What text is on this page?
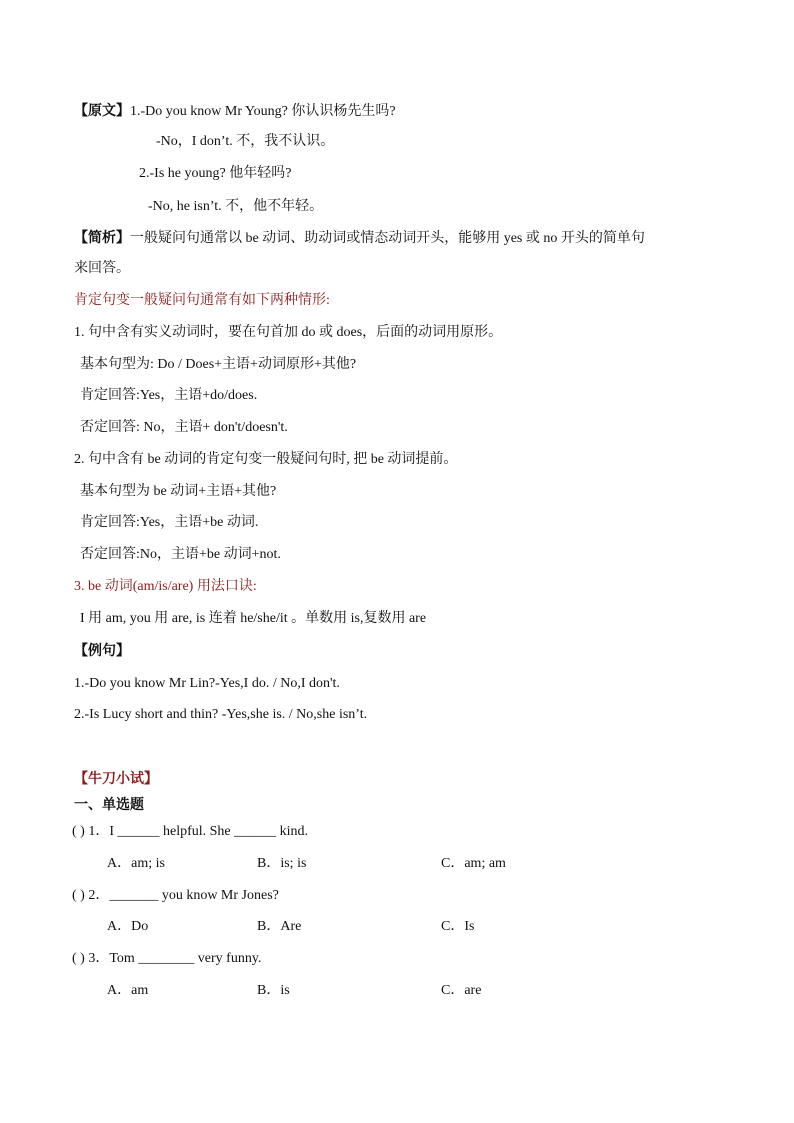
【原文】1.-Do you know Mr Young? 你认识杨先生吗?
-No，I don’t. 不，我不认识。
2.-Is he young? 他年轻吗?
-No, he isn’t. 不，他不年轻。
【简析】一般疑问句通常以 be 动词、助动词或情态动词开头，能够用 yes 或 no 开头的简单句
来回答。
肯定句变一般疑问句通常有如下两种情形:
1. 句中含有实义动词时，要在句首加 do 或 does，后面的动词用原形。
基本句型为: Do / Does+主语+动词原形+其他?
肯定回答:Yes，主语+do/does.
否定回答: No，主语+ don't/doesn't.
2. 句中含有 be 动词的肯定句变一般疑问句时, 把 be 动词提前。
基本句型为 be 动词+主语+其他?
肯定回答:Yes，主语+be 动词.
否定回答:No，主语+be 动词+not.
3. be 动词(am/is/are) 用法口诀:
I 用 am, you 用 are, is 连着 he/she/it 。单数用 is,复数用 are
【例句】
1.-Do you know Mr Lin?-Yes,I do. / No,I don't.
2.-Is Lucy short and thin? -Yes,she is. / No,she isn’t.
【牛刀小试】
一、单选题
( ) 1．I ______ helpful. She ______ kind.
A．am; is	B．is; is	C．am; am
( ) 2．_______ you know Mr Jones?
A．Do	B．Are	C．Is
( ) 3．Tom ________ very funny.
A．am	B．is	C．are
